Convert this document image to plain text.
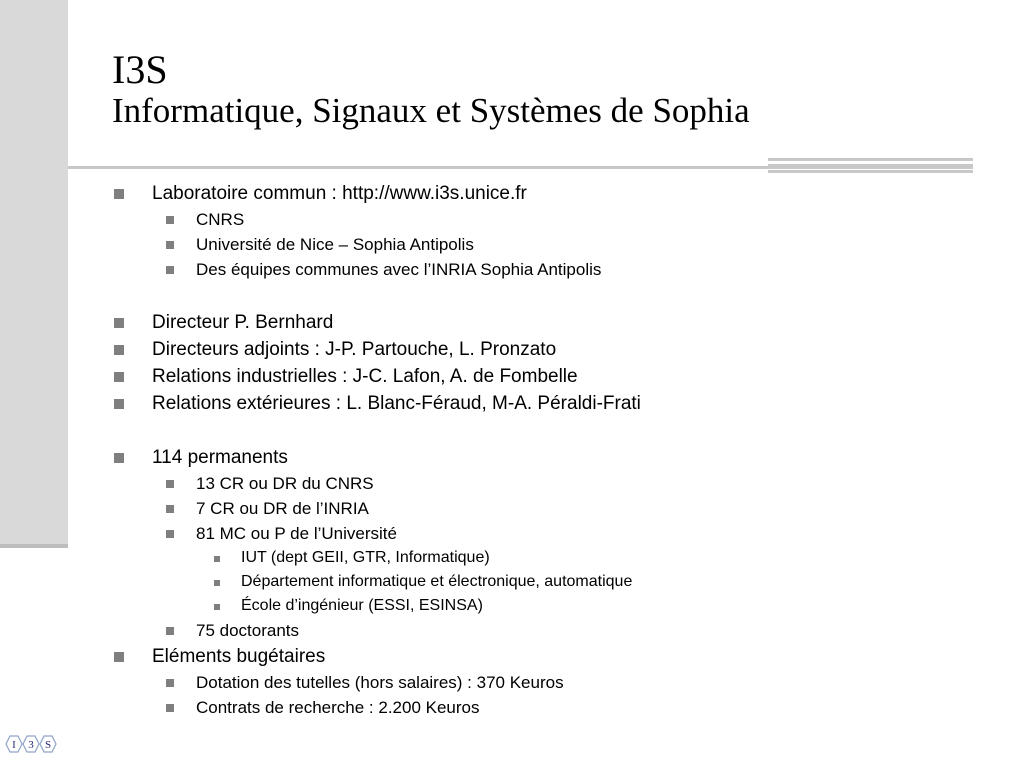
I3S
Informatique, Signaux et Systèmes de Sophia
Laboratoire commun : http://www.i3s.unice.fr
CNRS
Université de Nice – Sophia Antipolis
Des équipes communes avec l’INRIA Sophia Antipolis
Directeur P. Bernhard
Directeurs adjoints : J-P. Partouche, L. Pronzato
Relations industrielles : J-C. Lafon, A. de Fombelle
Relations extérieures : L. Blanc-Féraud, M-A. Péraldi-Frati
114 permanents
13 CR ou DR du CNRS
7 CR ou DR de l’INRIA
81 MC ou P de l’Université
IUT (dept GEII, GTR, Informatique)
Département informatique et électronique, automatique
École d’ingénieur (ESSI, ESINSA)
75 doctorants
Eléments bugétaires
Dotation des tutelles (hors salaires) : 370 Keuros
Contrats de recherche : 2.200 Keuros
I 3 S
